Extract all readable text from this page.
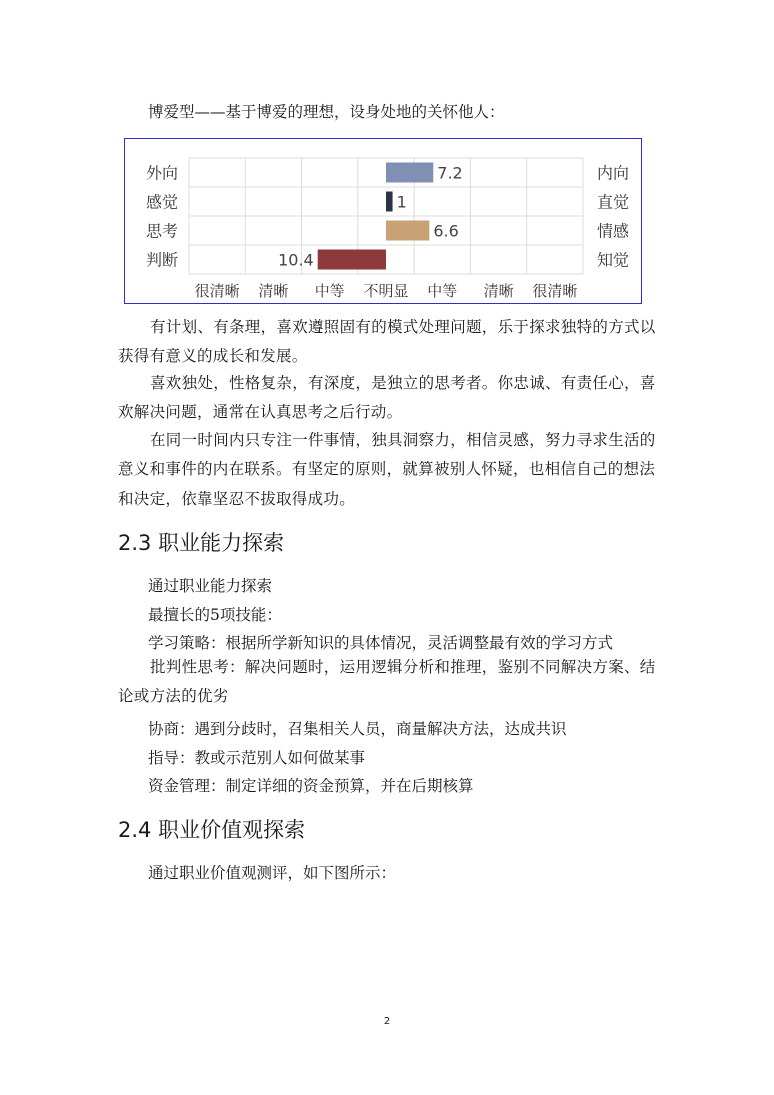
博爱型——基于博爱的理想，设身处地的关怀他人：

外向	内向
7.2
感觉	直觉
1
思考	情感
6.6
判断	知觉
10.4
很清晰 清晰 中等 不明显 中等 清晰 很清晰

有计划、有条理，喜欢遵照固有的模式处理问题，乐于探求独特的方式以获得有意义的成长和发展。

喜欢独处，性格复杂，有深度，是独立的思考者。你忠诚、有责任心，喜欢解决问题，通常在认真思考之后行动。

在同一时间内只专注一件事情，独具洞察力，相信灵感，努力寻求生活的意义和事件的内在联系。有坚定的原则，就算被别人怀疑，也相信自己的想法和决定，依靠坚忍不拔取得成功。

2.3 职业能力探索

通过职业能力探索

最擅长的5项技能：

学习策略：根据所学新知识的具体情况，灵活调整最有效的学习方式

批判性思考：解决问题时，运用逻辑分析和推理，鉴别不同解决方案、结论或方法的优劣

协商：遇到分歧时，召集相关人员，商量解决方法，达成共识

指导：教或示范别人如何做某事

资金管理：制定详细的资金预算，并在后期核算

2.4 职业价值观探索

通过职业价值观测评，如下图所示：

2
